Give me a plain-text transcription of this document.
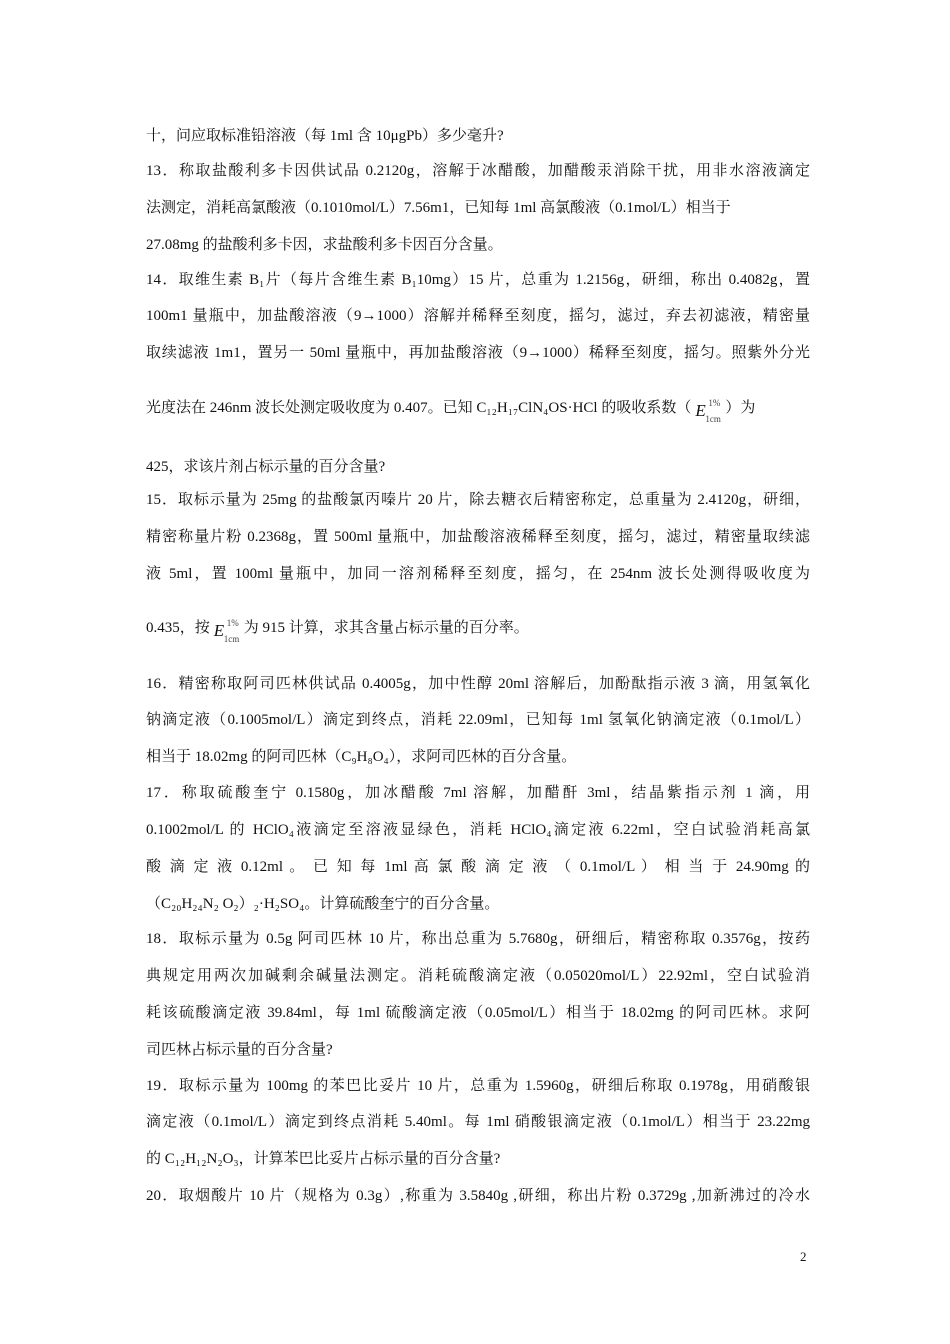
十，问应取标准铅溶液（每 1ml 含 10μgPb）多少毫升?
13．称取盐酸利多卡因供试品 0.2120g，溶解于冰醋酸，加醋酸汞消除干扰，用非水溶液滴定
法测定，消耗高氯酸液（0.1010mol/L）7.56m1，已知每 1ml 高氯酸液（0.1mol/L）相当于
27.08mg 的盐酸利多卡因，求盐酸利多卡因百分含量。
14．取维生素 B₁片（每片含维生素 B₁10mg）15 片，总重为 1.2156g，研细，称出 0.4082g，置
100m1 量瓶中，加盐酸溶液（9→1000）溶解并稀释至刻度，摇匀，滤过，弃去初滤液，精密量
取续滤液 1m1，置另一 50ml 量瓶中，再加盐酸溶液（9→1000）稀释至刻度，摇匀。照紫外分光
光度法在 246nm 波长处测定吸收度为 0.407。已知 C₁₂H₁₇ClN₄OS·HCl 的吸收系数（ E 1%
1cm
）为
425，求该片剂占标示量的百分含量?
15．取标示量为 25mg 的盐酸氯丙嗪片 20 片，除去糖衣后精密称定，总重量为 2.4120g，研细，
精密称量片粉 0.2368g，置 500ml 量瓶中，加盐酸溶液稀释至刻度，摇匀，滤过，精密量取续滤
液 5ml，置 100ml 量瓶中，加同一溶剂稀释至刻度，摇匀，在 254nm 波长处测得吸收度为
0.435，按 E 1%
1cm
为 915 计算，求其含量占标示量的百分率。
16．精密称取阿司匹林供试品 0.4005g，加中性醇 20ml 溶解后，加酚酞指示液 3 滴，用氢氧化
钠滴定液（0.1005mol/L）滴定到终点，消耗 22.09ml，已知每 1ml 氢氧化钠滴定液（0.1mol/L）
相当于 18.02mg 的阿司匹林（C₉H₈O₄），求阿司匹林的百分含量。
17．称取硫酸奎宁 0.1580g，加冰醋酸 7ml 溶解，加醋酐 3ml，结晶紫指示剂 1 滴，用
0.1002mol/L 的 HClO₄液滴定至溶液显绿色，消耗 HClO₄滴定液 6.22ml，空白试验消耗高氯
酸 滴 定 液 0.12ml 。 已 知 每 1ml 高 氯 酸 滴 定 液 （ 0.1mol/L ） 相 当 于 24.90mg 的
（C₂₀H₂₄N₂ O₂）₂·H₂SO₄。计算硫酸奎宁的百分含量。
18．取标示量为 0.5g 阿司匹林 10 片，称出总重为 5.7680g，研细后，精密称取 0.3576g，按药
典规定用两次加碱剩余碱量法测定。消耗硫酸滴定液（0.05020mol/L）22.92ml，空白试验消
耗该硫酸滴定液 39.84ml，每 1ml 硫酸滴定液（0.05mol/L）相当于 18.02mg 的阿司匹林。求阿
司匹林占标示量的百分含量?
19．取标示量为 100mg 的苯巴比妥片 10 片，总重为 1.5960g，研细后称取 0.1978g，用硝酸银
滴定液（0.1mol/L）滴定到终点消耗 5.40ml。每 1ml 硝酸银滴定液（0.1mol/L）相当于 23.22mg
的 C₁₂H₁₂N₂O₃，计算苯巴比妥片占标示量的百分含量?
20．取烟酸片 10 片（规格为 0.3g）,称重为 3.5840g ,研细，称出片粉 0.3729g ,加新沸过的冷水
2
